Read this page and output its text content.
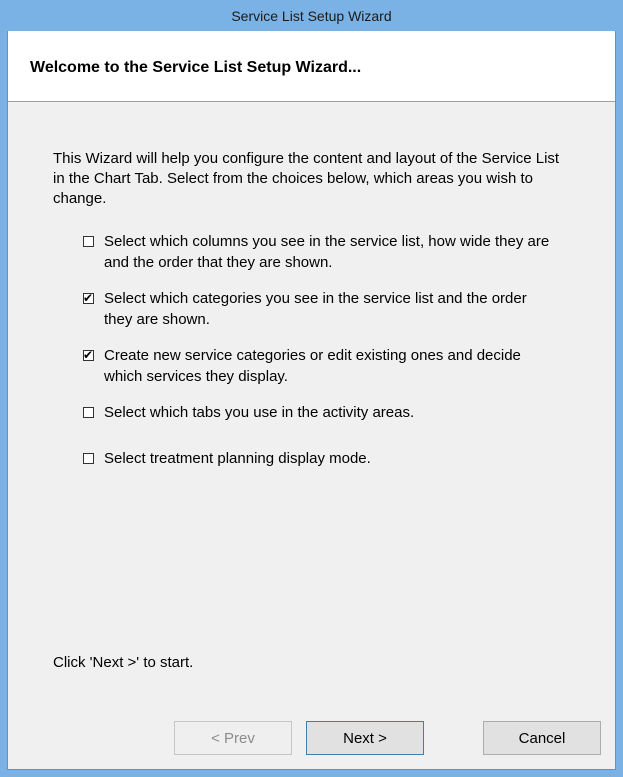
Service List Setup Wizard
Welcome to the Service List Setup Wizard...
This Wizard will help you configure the content and layout of the Service List in the Chart Tab. Select from the choices below, which areas you wish to change.
Select which columns you see in the service list, how wide they are and the order that they are shown.
✔ Select which categories you see in the service list and the order they are shown.
✔ Create new service categories or edit existing ones and decide which services they display.
Select which tabs you use in the activity areas.
Select treatment planning display mode.
Click 'Next >' to start.
< Prev	Next >	Cancel
